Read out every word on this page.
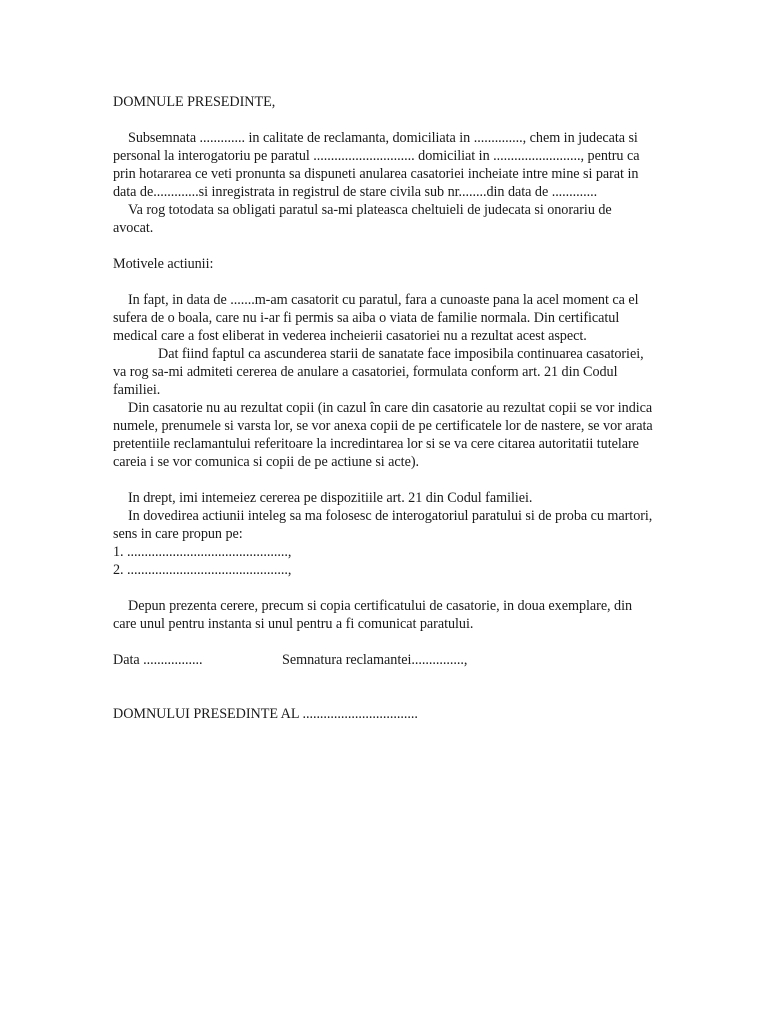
DOMNULE PRESEDINTE,

Subsemnata ............. in calitate de reclamanta, domiciliata in .............., chem in judecata si personal la interogatoriu pe paratul ............................. domiciliat in ........................., pentru ca prin hotararea ce veti pronunta sa dispuneti anularea casatoriei incheiate intre mine si parat in data de.............si inregistrata in registrul de stare civila sub nr........din data de .............

Va rog totodata sa obligati paratul sa-mi plateasca cheltuieli de judecata si onorariu de avocat.

Motivele actiunii:

In fapt, in data de .......m-am casatorit cu paratul, fara a cunoaste pana la acel moment ca el sufera de o boala, care nu i-ar fi permis sa aiba o viata de familie normala. Din certificatul medical care a fost eliberat in vederea incheierii casatoriei nu a rezultat acest aspect.

Dat fiind faptul ca ascunderea starii de sanatate face imposibila continuarea casatoriei, va rog sa-mi admiteti cererea de anulare a casatoriei, formulata conform art. 21 din Codul familiei.

Din casatorie nu au rezultat copii (in cazul în care din casatorie au rezultat copii se vor indica numele, prenumele si varsta lor, se vor anexa copii de pe certificatele lor de nastere, se vor arata pretentiile reclamantului referitoare la incredintarea lor si se va cere citarea autoritatii tutelare careia i se vor comunica si copii de pe actiune si acte).

In drept, imi intemeiez cererea pe dispozitiile art. 21 din Codul familiei.

In dovedirea actiunii inteleg sa ma folosesc de interogatoriul paratului si de proba cu martori, sens in care propun pe:

1. ..............................................,

2. ..............................................,

Depun prezenta cerere, precum si copia certificatului de casatorie, in doua exemplare, din care unul pentru instanta si unul pentru a fi comunicat paratului.

Data .................	Semnatura reclamantei...............,

DOMNULUI PRESEDINTE AL .................................
